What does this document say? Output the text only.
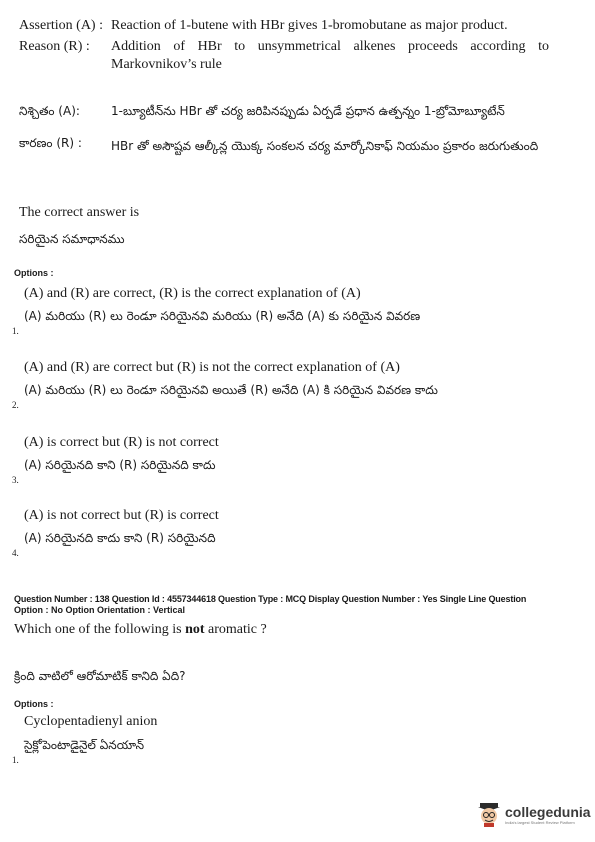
Assertion (A) : Reaction of 1-butene with HBr gives 1-bromobutane as major product.
Reason (R) : Addition of HBr to unsymmetrical alkenes proceeds according to Markovnikov’s rule
నిశ్చితం (A):	1-బ్యూటీన్‌ను HBr తో చర్య జరిపినప్పుడు ఏర్పడే ప్రధాన ఉత్పన్నం 1-బ్రోమోబ్యూటేన్
కారణం (R) : HBr తో అసౌష్టవ ఆల్కీన్ల యొక్క సంకలన చర్య మార్కోనికాఫ్ నియమం ప్రకారం జరుగుతుంది
The correct answer is
సరియైన సమాధానము
Options :
(A) and (R) are correct, (R) is the correct explanation of (A)
(A) మరియు (R) లు రెండూ సరియైనవి మరియు (R) అనేది (A) కు సరియైన వివరణ
1.
(A) and (R) are correct but (R) is not the correct explanation of (A)
(A) మరియు (R) లు రెండూ సరియైనవి అయితే (R) అనేది (A) కి సరియైన వివరణ కాదు
2.
(A) is correct but (R) is not correct
(A) సరియైనది కాని (R) సరియైనది కాదు
3.
(A) is not correct but (R) is correct
(A) సరియైనది కాదు కాని (R) సరియైనది
4.
Question Number : 138 Question Id : 4557344618 Question Type : MCQ Display Question Number : Yes Single Line Question
Option : No Option Orientation : Vertical
Which one of the following is not aromatic ?
క్రింది వాటిలో ఆరోమాటిక్ కానిది ఏది?
Options :
Cyclopentadienyl anion
సైక్లోపెంటాడైనైల్ ఏనయాన్
1.
collegedunia
India's largest Student Review Platform
